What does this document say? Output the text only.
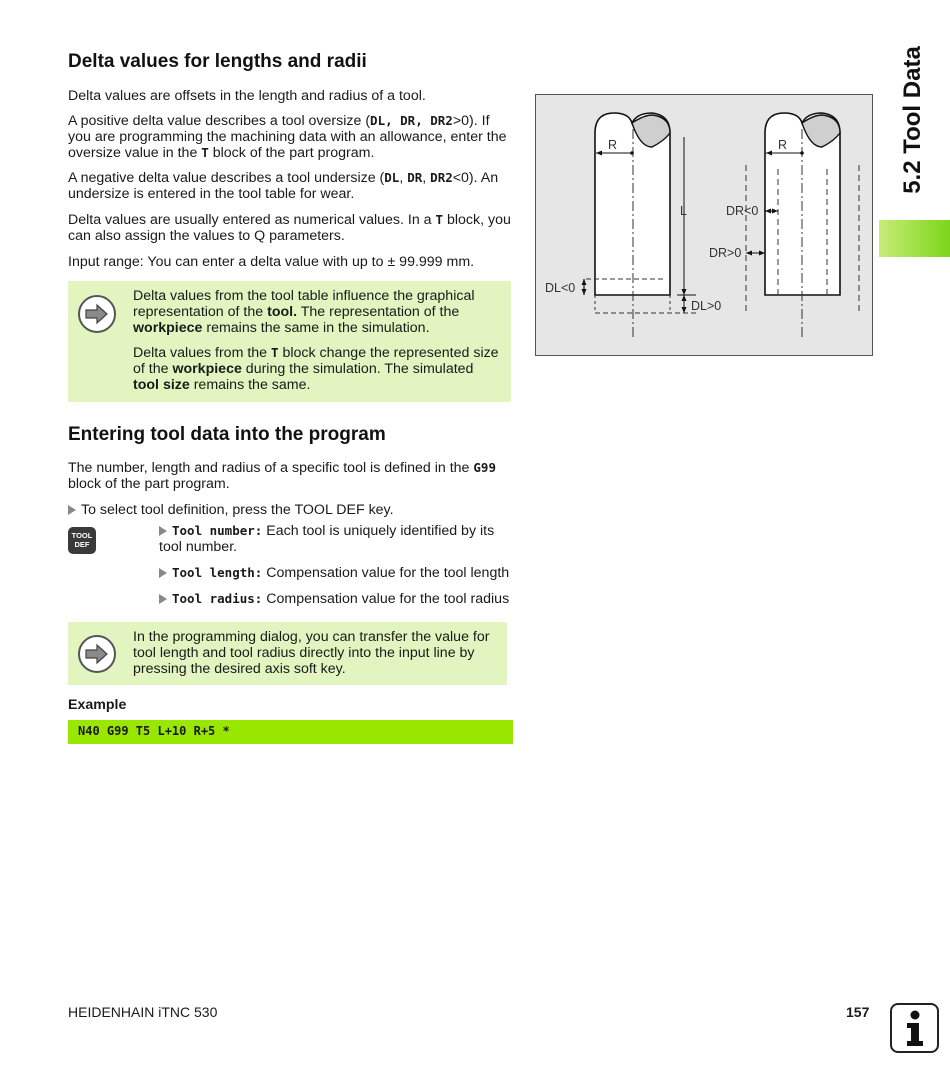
Delta values for lengths and radii

Delta values are offsets in the length and radius of a tool.

A positive delta value describes a tool oversize (DL, DR, DR2>0). If you are programming the machining data with an allowance, enter the oversize value in the T block of the part program.

A negative delta value describes a tool undersize (DL, DR, DR2<0). An undersize is entered in the tool table for wear.

Delta values are usually entered as numerical values. In a T block, you can also assign the values to Q parameters.

Input range: You can enter a delta value with up to ± 99.999 mm.

Delta values from the tool table influence the graphical representation of the tool. The representation of the workpiece remains the same in the simulation.

Delta values from the T block change the represented size of the workpiece during the simulation. The simulated tool size remains the same.

Entering tool data into the program

The number, length and radius of a specific tool is defined in the G99 block of the part program.

To select tool definition, press the TOOL DEF key.

TOOL
DEF

Tool number: Each tool is uniquely identified by its tool number.

Tool length: Compensation value for the tool length

Tool radius: Compensation value for the tool radius

In the programming dialog, you can transfer the value for tool length and tool radius directly into the input line by pressing the desired axis soft key.

Example
N40 G99 T5 L+10 R+5 *
R	R
L	DR<0
DR>0
DL<0
DL>0
5.2 Tool Data
HEIDENHAIN iTNC 530	157
